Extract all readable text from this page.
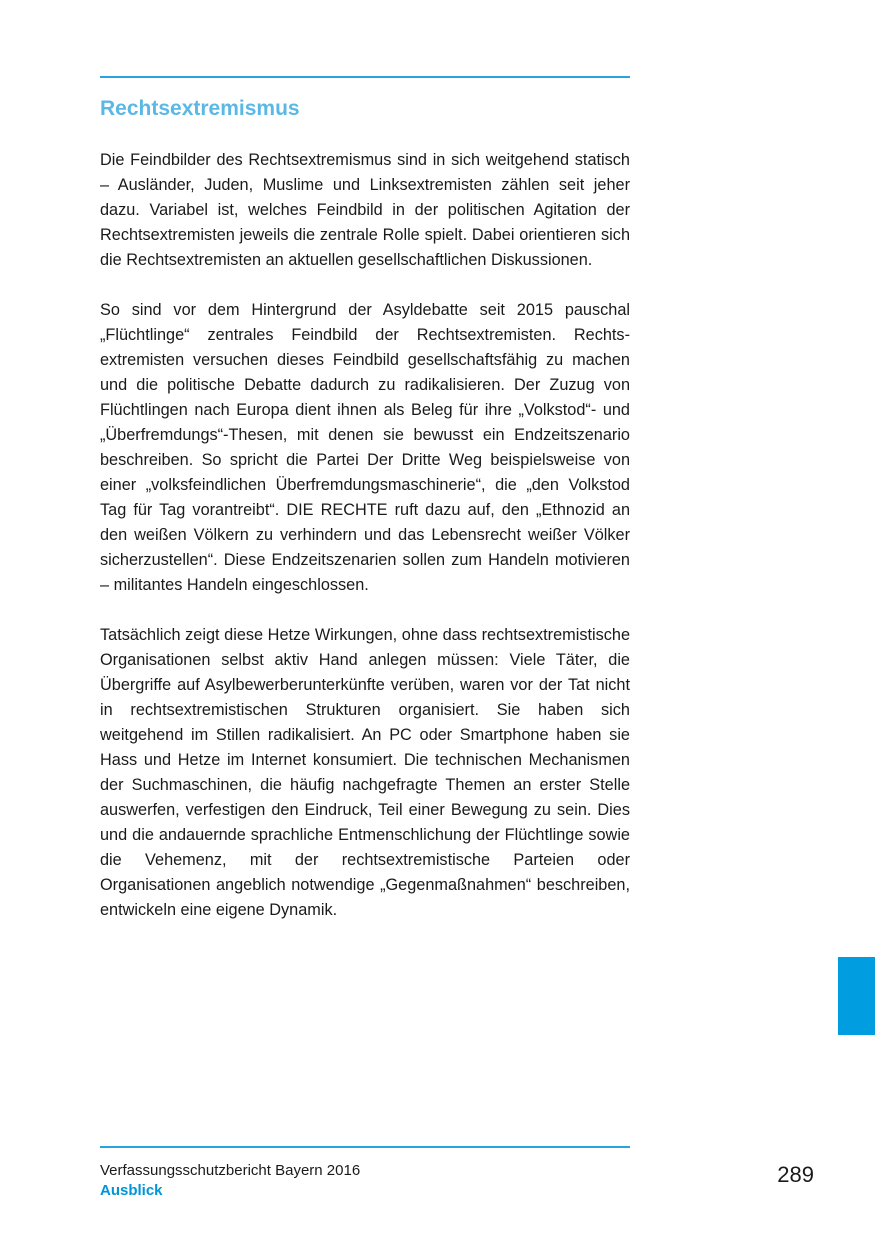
Rechtsextremismus

Die Feindbilder des Rechtsextremismus sind in sich weitgehend statisch – Ausländer, Juden, Muslime und Linksextremisten zählen seit jeher dazu. Variabel ist, welches Feindbild in der politischen Agitation der Rechtsextremisten jeweils die zentrale Rolle spielt. Dabei orientieren sich die Rechtsextremisten an aktuellen gesellschaftlichen Diskussionen.

So sind vor dem Hintergrund der Asyldebatte seit 2015 pauschal „Flüchtlinge“ zentrales Feindbild der Rechtsextremisten. Rechtsextremisten versuchen dieses Feindbild gesellschaftsfähig zu machen und die politische Debatte dadurch zu radikalisieren. Der Zuzug von Flüchtlingen nach Europa dient ihnen als Beleg für ihre „Volkstod“- und „Überfremdungs“-Thesen, mit denen sie bewusst ein Endzeitszenario beschreiben. So spricht die Partei Der Dritte Weg beispielsweise von einer „volksfeindlichen Überfremdungsmaschinerie“, die „den Volkstod Tag für Tag vorantreibt“. DIE RECHTE ruft dazu auf, den „Ethnozid an den weißen Völkern zu verhindern und das Lebensrecht weißer Völker sicherzustellen“. Diese Endzeitszenarien sollen zum Handeln motivieren – militantes Handeln eingeschlossen.

Tatsächlich zeigt diese Hetze Wirkungen, ohne dass rechtsextremistische Organisationen selbst aktiv Hand anlegen müssen: Viele Täter, die Übergriffe auf Asylbewerberunterkünfte verüben, waren vor der Tat nicht in rechtsextremistischen Strukturen organisiert. Sie haben sich weitgehend im Stillen radikalisiert. An PC oder Smartphone haben sie Hass und Hetze im Internet konsumiert. Die technischen Mechanismen der Suchmaschinen, die häufig nachgefragte Themen an erster Stelle auswerfen, verfestigen den Eindruck, Teil einer Bewegung zu sein. Dies und die andauernde sprachliche Entmenschlichung der Flüchtlinge sowie die Vehemenz, mit der rechtsextremistische Parteien oder Organisationen angeblich notwendige „Gegenmaßnahmen“ beschreiben, entwickeln eine eigene Dynamik.

Verfassungsschutzbericht Bayern 2016
Ausblick
289
